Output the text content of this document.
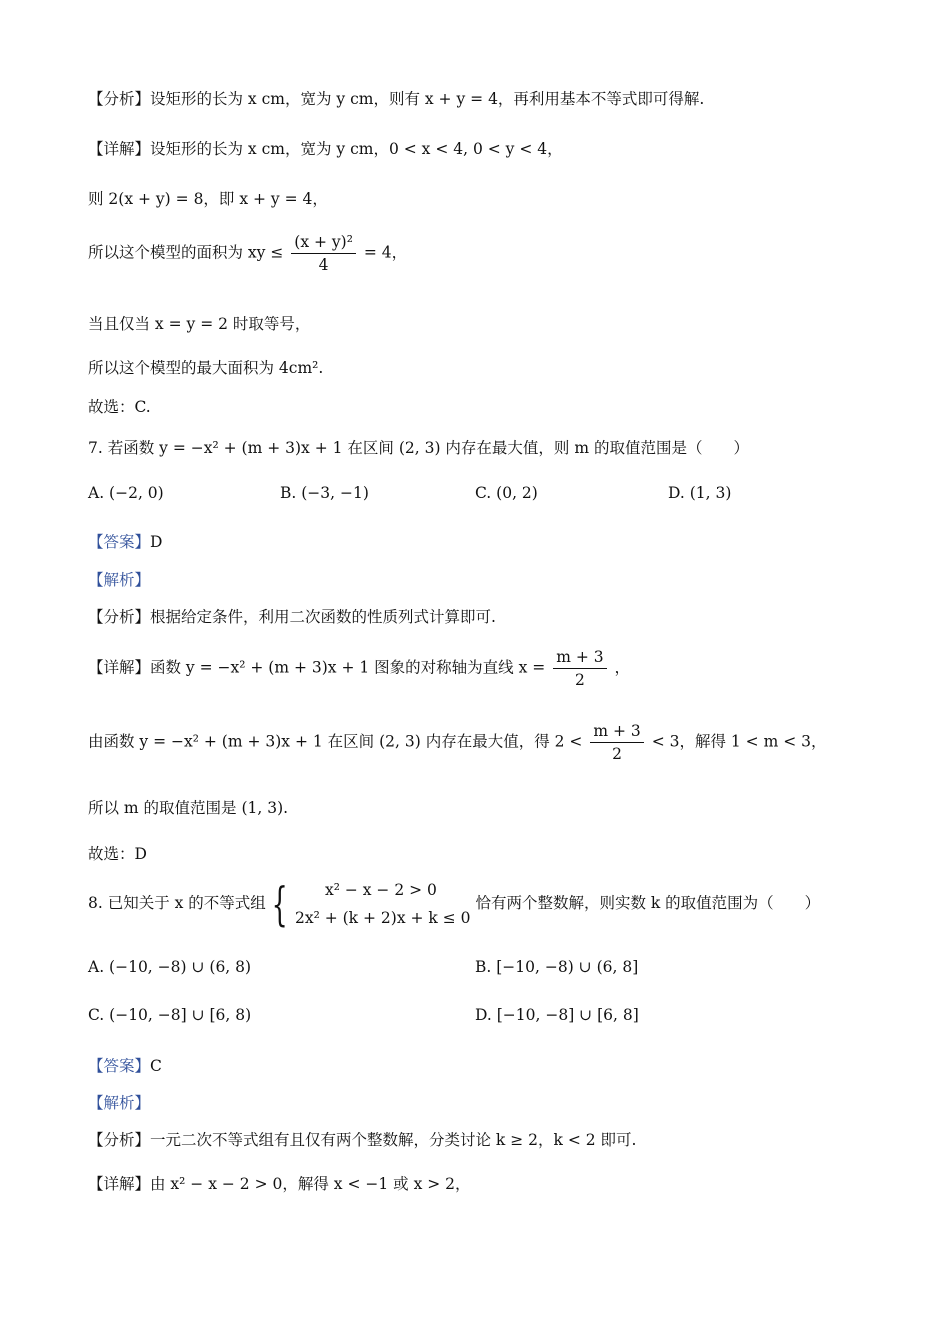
【分析】设矩形的长为 x cm，宽为 y cm，则有 x + y = 4，再利用基本不等式即可得解.
【详解】设矩形的长为 x cm，宽为 y cm，0 < x < 4, 0 < y < 4，
则 2(x + y) = 8，即 x + y = 4，
所以这个模型的面积为 xy ≤ $\frac{\text{(x + y)²}}{4} = 4$，
当且仅当 x = y = 2 时取等号，
所以这个模型的最大面积为 4cm².
故选：C.
7. 若函数 y = −x² + (m + 3)x + 1 在区间 (2, 3) 内存在最大值，则 m 的取值范围是（　　）
A. (−2, 0)	B. (−3, −1)	C. (0, 2)	D. (1, 3)
【答案】D
【解析】
【分析】根据给定条件，利用二次函数的性质列式计算即可.
【详解】函数 y = −x² + (m + 3)x + 1 图象的对称轴为直线 $x = \frac{m + 3}{2}$ ，
由函数 y = −x² + (m + 3)x + 1 在区间 (2, 3) 内存在最大值，得 $2 < \frac{m + 3}{2} < 3$，解得 1 < m < 3，
所以 m 的取值范围是 (1, 3).
故选：D
8. 已知关于 x 的不等式组 {	x² − x − 2 > 0
2x² + (k + 2)x + k ≤ 0
恰有两个整数解，则实数 k 的取值范围为（　　）
A. (−10, −8) ∪ (6, 8)	B. [−10, −8) ∪ (6, 8]
C. (−10, −8] ∪ [6, 8)	D. [−10, −8] ∪ [6, 8]
【答案】C
【解析】
【分析】一元二次不等式组有且仅有两个整数解，分类讨论 k ≥ 2，k < 2 即可.
【详解】由 x² − x − 2 > 0，解得 x < −1 或 x > 2，
